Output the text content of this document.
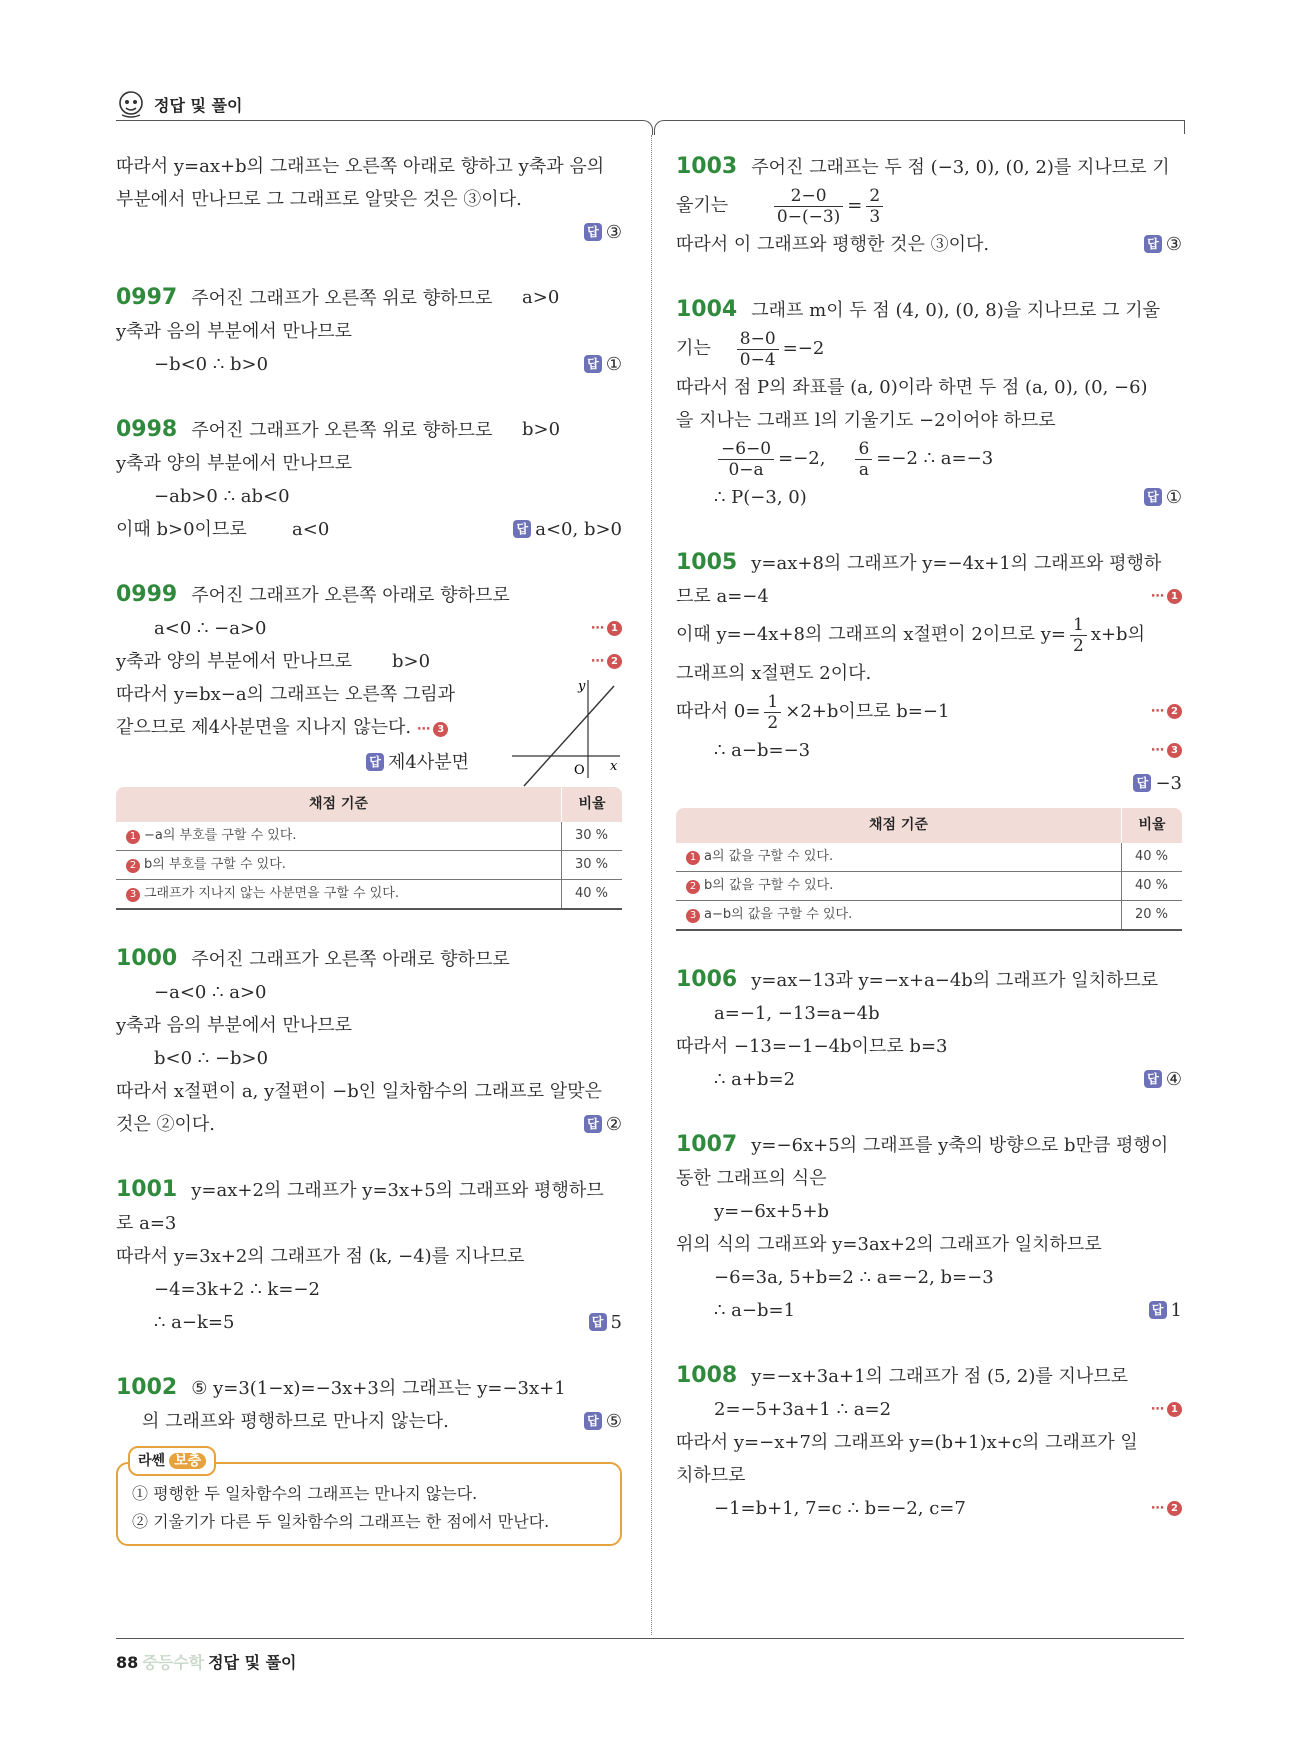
정답 및 풀이
따라서 y=ax+b의 그래프는 오른쪽 아래로 향하고 y축과 음의
부분에서 만나므로 그 그래프로 알맞은 것은 ③이다.
답 ③
0997 주어진 그래프가 오른쪽 위로 향하므로 a>0
y축과 음의 부분에서 만나므로
−b<0 ∴ b>0	답 ①
0998 주어진 그래프가 오른쪽 위로 향하므로 b>0
y축과 양의 부분에서 만나므로
−ab>0 ∴ ab<0
이때 b>0이므로	a<0	답 a<0, b>0
0999 주어진 그래프가 오른쪽 아래로 향하므로
a<0 ∴ −a>0	⋯ 1
y축과 양의 부분에서 만나므로 b>0	⋯ 2
따라서 y=bx−a의 그래프는 오른쪽 그림과
같으므로 제4사분면을 지나지 않는다. ⋯ 3
답 제4사분면
y
x
O
채점 기준	비율
1 −a의 부호를 구할 수 있다.	30 %
2 b의 부호를 구할 수 있다.	30 %
3 그래프가 지나지 않는 사분면을 구할 수 있다.	40 %
1000 주어진 그래프가 오른쪽 아래로 향하므로
−a<0 ∴ a>0
y축과 음의 부분에서 만나므로
b<0 ∴ −b>0
따라서 x절편이 a, y절편이 −b인 일차함수의 그래프로 알맞은
것은 ②이다.	답 ②
1001 y=ax+2의 그래프가 y=3x+5의 그래프와 평행하므
로 a=3
따라서 y=3x+2의 그래프가 점 (k, −4)를 지나므로
−4=3k+2 ∴ k=−2
∴ a−k=5	답 5
1002 ⑤ y=3(1−x)=−3x+3의 그래프는 y=−3x+1
의 그래프와 평행하므로 만나지 않는다.	답 ⑤
라쎈 보충
① 평행한 두 일차함수의 그래프는 만나지 않는다.
② 기울기가 다른 두 일차함수의 그래프는 한 점에서 만난다.
1003 주어진 그래프는 두 점 (−3, 0), (0, 2)를 지나므로 기
울기는	$\frac{2-0}{0-(-3)} = \frac{2}{3}$
따라서 이 그래프와 평행한 것은 ③이다.	답 ③
1004 그래프 m이 두 점 (4, 0), (0, 8)을 지나므로 그 기울
기는 $\frac{8-0}{0-4} =-2$
따라서 점 P의 좌표를 (a, 0)이라 하면 두 점 (a, 0), (0, −6)
을 지나는 그래프 l의 기울기도 −2이어야 하므로
$\frac{-6-0}{0-a} =-2$, $\frac{6}{a} =-2$ ∴ a=−3
∴ P(−3, 0)	답 ①
1005 y=ax+8의 그래프가 y=−4x+1의 그래프와 평행하
므로 a=−4	⋯ 1
이때 y=−4x+8의 그래프의 x절편이 2이므로 $y= \frac{1}{2} x+b$의
그래프의 x절편도 2이다.
따라서 $0= \frac{1}{2} \times 2+b$이므로 b=−1	⋯ 2
∴ a−b=−3	⋯ 3
답 −3
채점 기준	비율
1 a의 값을 구할 수 있다.	40 %
2 b의 값을 구할 수 있다.	40 %
3 a−b의 값을 구할 수 있다.	20 %
1006 y=ax−13과 y=−x+a−4b의 그래프가 일치하므로
a=−1, −13=a−4b
따라서 −13=−1−4b이므로 b=3
∴ a+b=2	답 ④
1007 y=−6x+5의 그래프를 y축의 방향으로 b만큼 평행이
동한 그래프의 식은
y=−6x+5+b
위의 식의 그래프와 y=3ax+2의 그래프가 일치하므로
−6=3a, 5+b=2 ∴ a=−2, b=−3
∴ a−b=1	답 1
1008 y=−x+3a+1의 그래프가 점 (5, 2)를 지나므로
2=−5+3a+1 ∴ a=2	⋯ 1
따라서 y=−x+7의 그래프와 y=(b+1)x+c의 그래프가 일
치하므로
−1=b+1, 7=c ∴ b=−2, c=7	⋯ 2
88 중등수학 정답 및 풀이
